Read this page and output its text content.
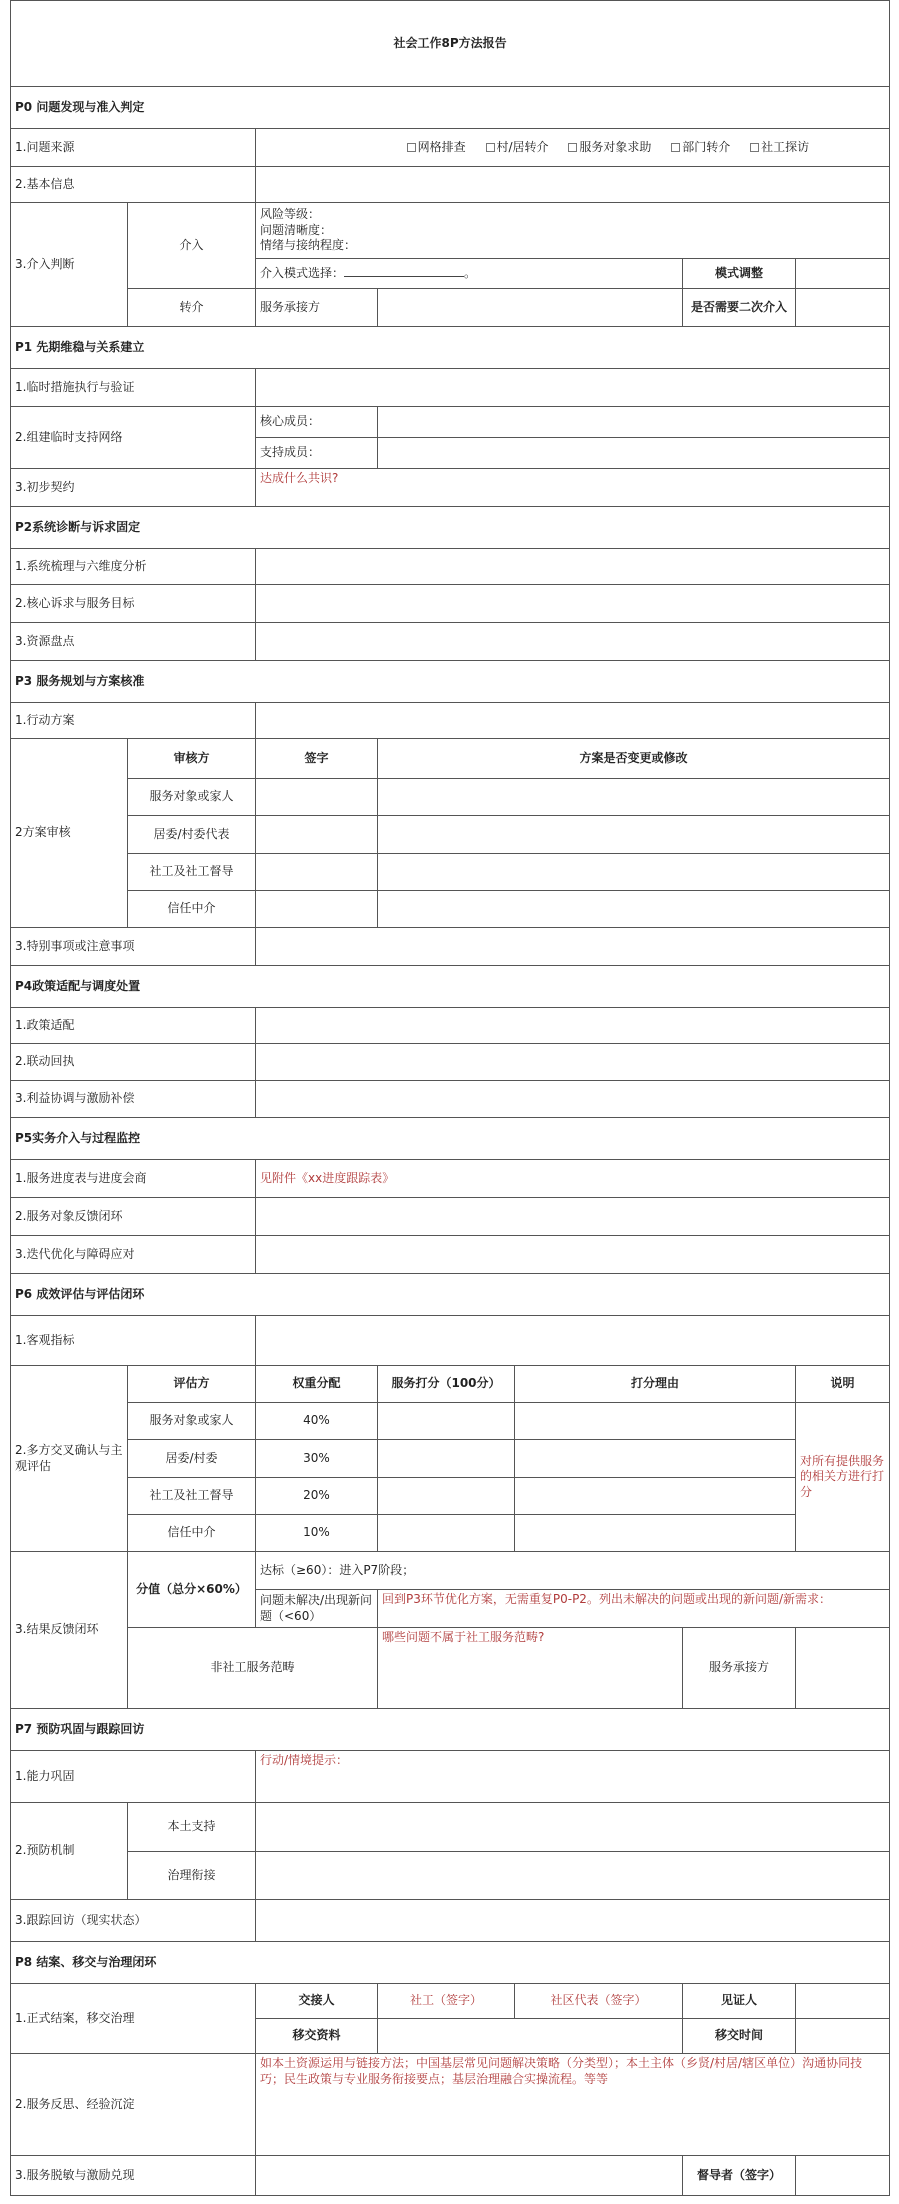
社会工作8P方法报告						
P0 问题发现与准入判定						
1.问题来源		网格排查 村/居转介 服务对象求助 部门转介 社工探访				
2.基本信息						
3.介入判断	介入	风险等级：
问题清晰度：
情绪与接纳程度：				

		介入模式选择： 。			模式调整	
	转介	服务承接方			是否需要二次介入	
P1 先期维稳与关系建立						
1.临时措施执行与验证						
2.组建临时支持网络		核心成员：				
		支持成员：				
3.初步契约		达成什么共识?				
P2系统诊断与诉求固定						
1.系统梳理与六维度分析						
2.核心诉求与服务目标						
3.资源盘点						
P3 服务规划与方案核准						
1.行动方案						
2方案审核	审核方	签字	方案是否变更或修改			
	服务对象或家人					
	居委/村委代表					
	社工及社工督导					
	信任中介					
3.特别事项或注意事项						
P4政策适配与调度处置						
1.政策适配						
2.联动回执						
3.利益协调与激励补偿						
P5实务介入与过程监控						
1.服务进度表与进度会商		见附件《xx进度跟踪表》				
2.服务对象反馈闭环						
3.迭代优化与障碍应对						
P6 成效评估与评估闭环						
1.客观指标						
2.多方交叉确认与主观评估	评估方	权重分配	服务打分（100分）	打分理由		说明
	服务对象或家人	40%				对所有提供服务的相关方进行打分
	居委/村委	30%				
	社工及社工督导	20%				
	信任中介	10%				
3.结果反馈闭环	分值（总分×60%）	达标（≥60）：进入P7阶段；				
		问题未解决/出现新问题（<60）	回到P3环节优化方案，无需重复P0-P2。列出未解决的问题或出现的新问题/新需求：			
	非社工服务范畴		哪些问题不属于社工服务范畴?		服务承接方	
P7 预防巩固与跟踪回访						
1.能力巩固		行动/情境提示：				
2.预防机制	本土支持					
	治理衔接					
3.跟踪回访（现实状态）						
P8 结案、移交与治理闭环						
1.正式结案，移交治理		交接人	社工（签字）	社区代表（签字）	见证人	
		移交资料			移交时间	
2.服务反思、经验沉淀		如本土资源运用与链接方法；中国基层常见问题解决策略（分类型）；本土主体（乡贤/村居/辖区单位）沟通协同技巧；民生政策与专业服务衔接要点；基层治理融合实操流程。等等				
3.服务脱敏与激励兑现					督导者（签字）	
